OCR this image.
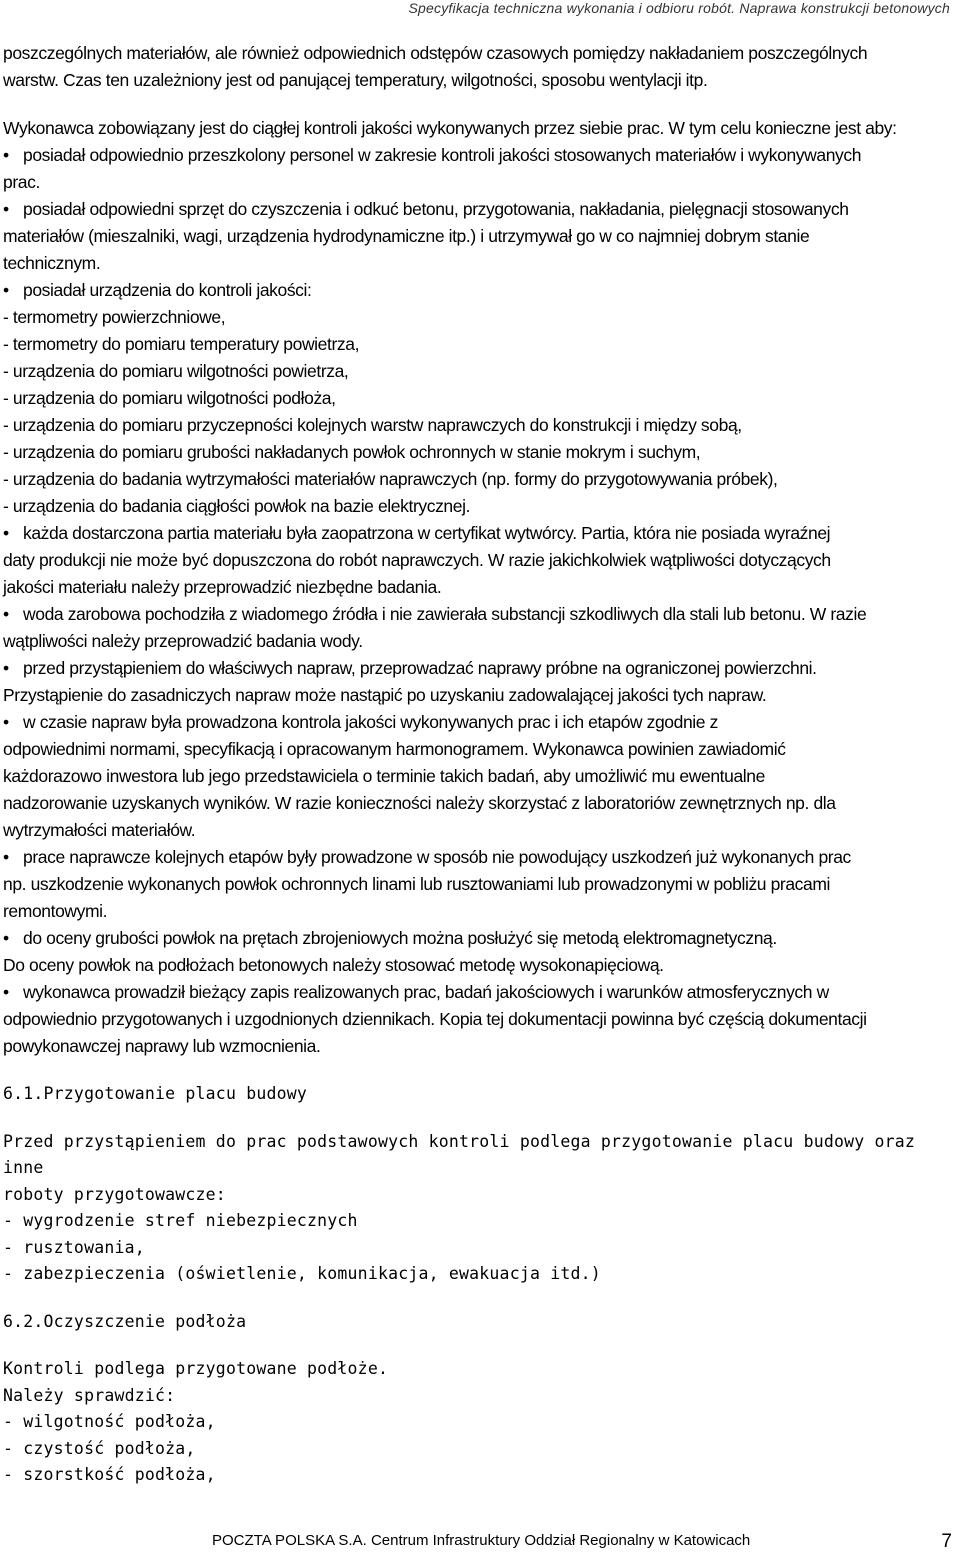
Specyfikacja techniczna wykonania i odbioru robót. Naprawa konstrukcji betonowych

poszczególnych materiałów, ale również odpowiednich odstępów czasowych pomiędzy nakładaniem poszczególnych

warstw. Czas ten uzależniony jest od panującej temperatury, wilgotności, sposobu wentylacji itp.

Wykonawca zobowiązany jest do ciągłej kontroli jakości wykonywanych przez siebie prac. W tym celu konieczne jest aby:

• posiadał odpowiednio przeszkolony personel w zakresie kontroli jakości stosowanych materiałów i wykonywanych

prac.

• posiadał odpowiedni sprzęt do czyszczenia i odkuć betonu, przygotowania, nakładania, pielęgnacji stosowanych

materiałów (mieszalniki, wagi, urządzenia hydrodynamiczne itp.) i utrzymywał go w co najmniej dobrym stanie

technicznym.

• posiadał urządzenia do kontroli jakości:

- termometry powierzchniowe,

- termometry do pomiaru temperatury powietrza,

- urządzenia do pomiaru wilgotności powietrza,

- urządzenia do pomiaru wilgotności podłoża,

- urządzenia do pomiaru przyczepności kolejnych warstw naprawczych do konstrukcji i między sobą,

- urządzenia do pomiaru grubości nakładanych powłok ochronnych w stanie mokrym i suchym,

- urządzenia do badania wytrzymałości materiałów naprawczych (np. formy do przygotowywania próbek),

- urządzenia do badania ciągłości powłok na bazie elektrycznej.

• każda dostarczona partia materiału była zaopatrzona w certyfikat wytwórcy. Partia, która nie posiada wyraźnej

daty produkcji nie może być dopuszczona do robót naprawczych. W razie jakichkolwiek wątpliwości dotyczących

jakości materiału należy przeprowadzić niezbędne badania.

• woda zarobowa pochodziła z wiadomego źródła i nie zawierała substancji szkodliwych dla stali lub betonu. W razie

wątpliwości należy przeprowadzić badania wody.

• przed przystąpieniem do właściwych napraw, przeprowadzać naprawy próbne na ograniczonej powierzchni.

Przystąpienie do zasadniczych napraw może nastąpić po uzyskaniu zadowalającej jakości tych napraw.

• w czasie napraw była prowadzona kontrola jakości wykonywanych prac i ich etapów zgodnie z

odpowiednimi normami, specyfikacją i opracowanym harmonogramem. Wykonawca powinien zawiadomić

każdorazowo inwestora lub jego przedstawiciela o terminie takich badań, aby umożliwić mu ewentualne

nadzorowanie uzyskanych wyników. W razie konieczności należy skorzystać z laboratoriów zewnętrznych np. dla

wytrzymałości materiałów.

• prace naprawcze kolejnych etapów były prowadzone w sposób nie powodujący uszkodzeń już wykonanych prac

np. uszkodzenie wykonanych powłok ochronnych linami lub rusztowaniami lub prowadzonymi w pobliżu pracami

remontowymi.

• do oceny grubości powłok na prętach zbrojeniowych można posłużyć się metodą elektromagnetyczną.

Do oceny powłok na podłożach betonowych należy stosować metodę wysokonapięciową.

• wykonawca prowadził bieżący zapis realizowanych prac, badań jakościowych i warunków atmosferycznych w

odpowiednio przygotowanych i uzgodnionych dziennikach. Kopia tej dokumentacji powinna być częścią dokumentacji

powykonawczej naprawy lub wzmocnienia.

6.1.Przygotowanie placu budowy

Przed przystąpieniem do prac podstawowych kontroli podlega przygotowanie placu budowy oraz inne

roboty przygotowawcze:

- wygrodzenie stref niebezpiecznych

- rusztowania,

- zabezpieczenia (oświetlenie, komunikacja, ewakuacja itd.)

6.2.Oczyszczenie podłoża

Kontroli podlega przygotowane podłoże.

Należy sprawdzić:

- wilgotność podłoża,

- czystość podłoża,

- szorstkość podłoża,

POCZTA POLSKA S.A. Centrum Infrastruktury Oddział Regionalny w Katowicach	7
